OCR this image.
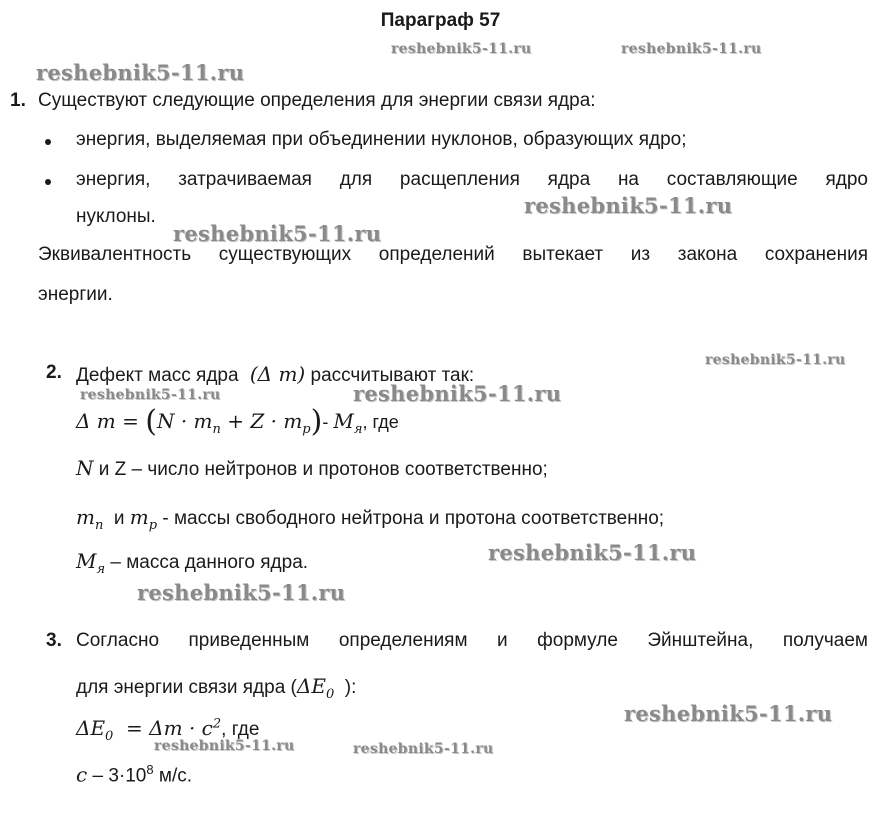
Параграф 57
reshebnik5-11.ru	reshebnik5-11.ru
reshebnik5-11.ru
reshebnik5-11.ru
reshebnik5-11.ru
reshebnik5-11.ru
reshebnik5-11.ru
reshebnik5-11.ru
reshebnik5-11.ru
reshebnik5-11.ru
reshebnik5-11.ru
reshebnik5-11.ru	reshebnik5-11.ru
1. Существуют следующие определения для энергии связи ядра:
энергия, выделяемая при объединении нуклонов, образующих ядро;
энергия, затрачиваемая для расщепления ядра на составляющие ядро
нуклоны.
Эквивалентность существующих определений вытекает из закона сохранения
энергии.
2. Дефект масс ядра (Δ m) рассчитывают так:
Δ $m = (N \cdot m_n + Z \cdot m_p)-$ $М_я$, где
N и Z – число нейтронов и протонов соответственно;
$m_n$  и $m_p$ - массы свободного нейтрона и протона соответственно;
$М_я$ – масса данного ядра.
3. Согласно приведенным определениям и формуле Эйнштейна, получаем
для энергии связи ядра ($\Delta E_0$ ):
$\Delta E_0 = \Delta m \cdot c^2$, где
$c - 3\cdot 10^8$ м/с.
